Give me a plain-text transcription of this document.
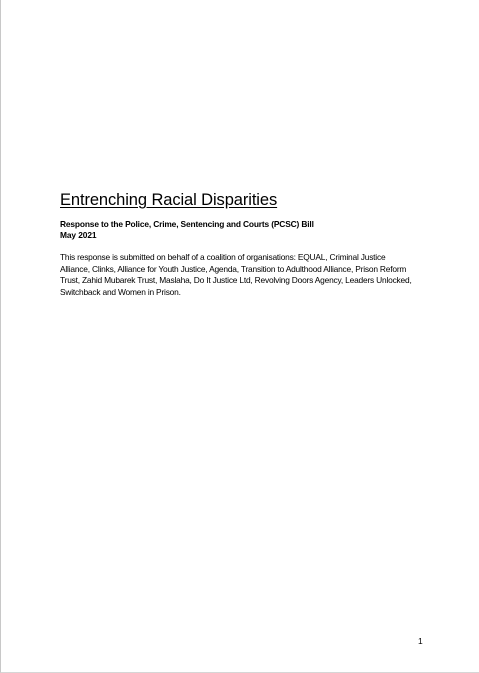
Entrenching Racial Disparities
Response to the Police, Crime, Sentencing and Courts (PCSC) Bill
May 2021

This response is submitted on behalf of a coalition of organisations: EQUAL, Criminal Justice Alliance, Clinks, Alliance for Youth Justice, Agenda, Transition to Adulthood Alliance, Prison Reform Trust, Zahid Mubarek Trust, Maslaha, Do It Justice Ltd, Revolving Doors Agency, Leaders Unlocked, Switchback and Women in Prison.

1
